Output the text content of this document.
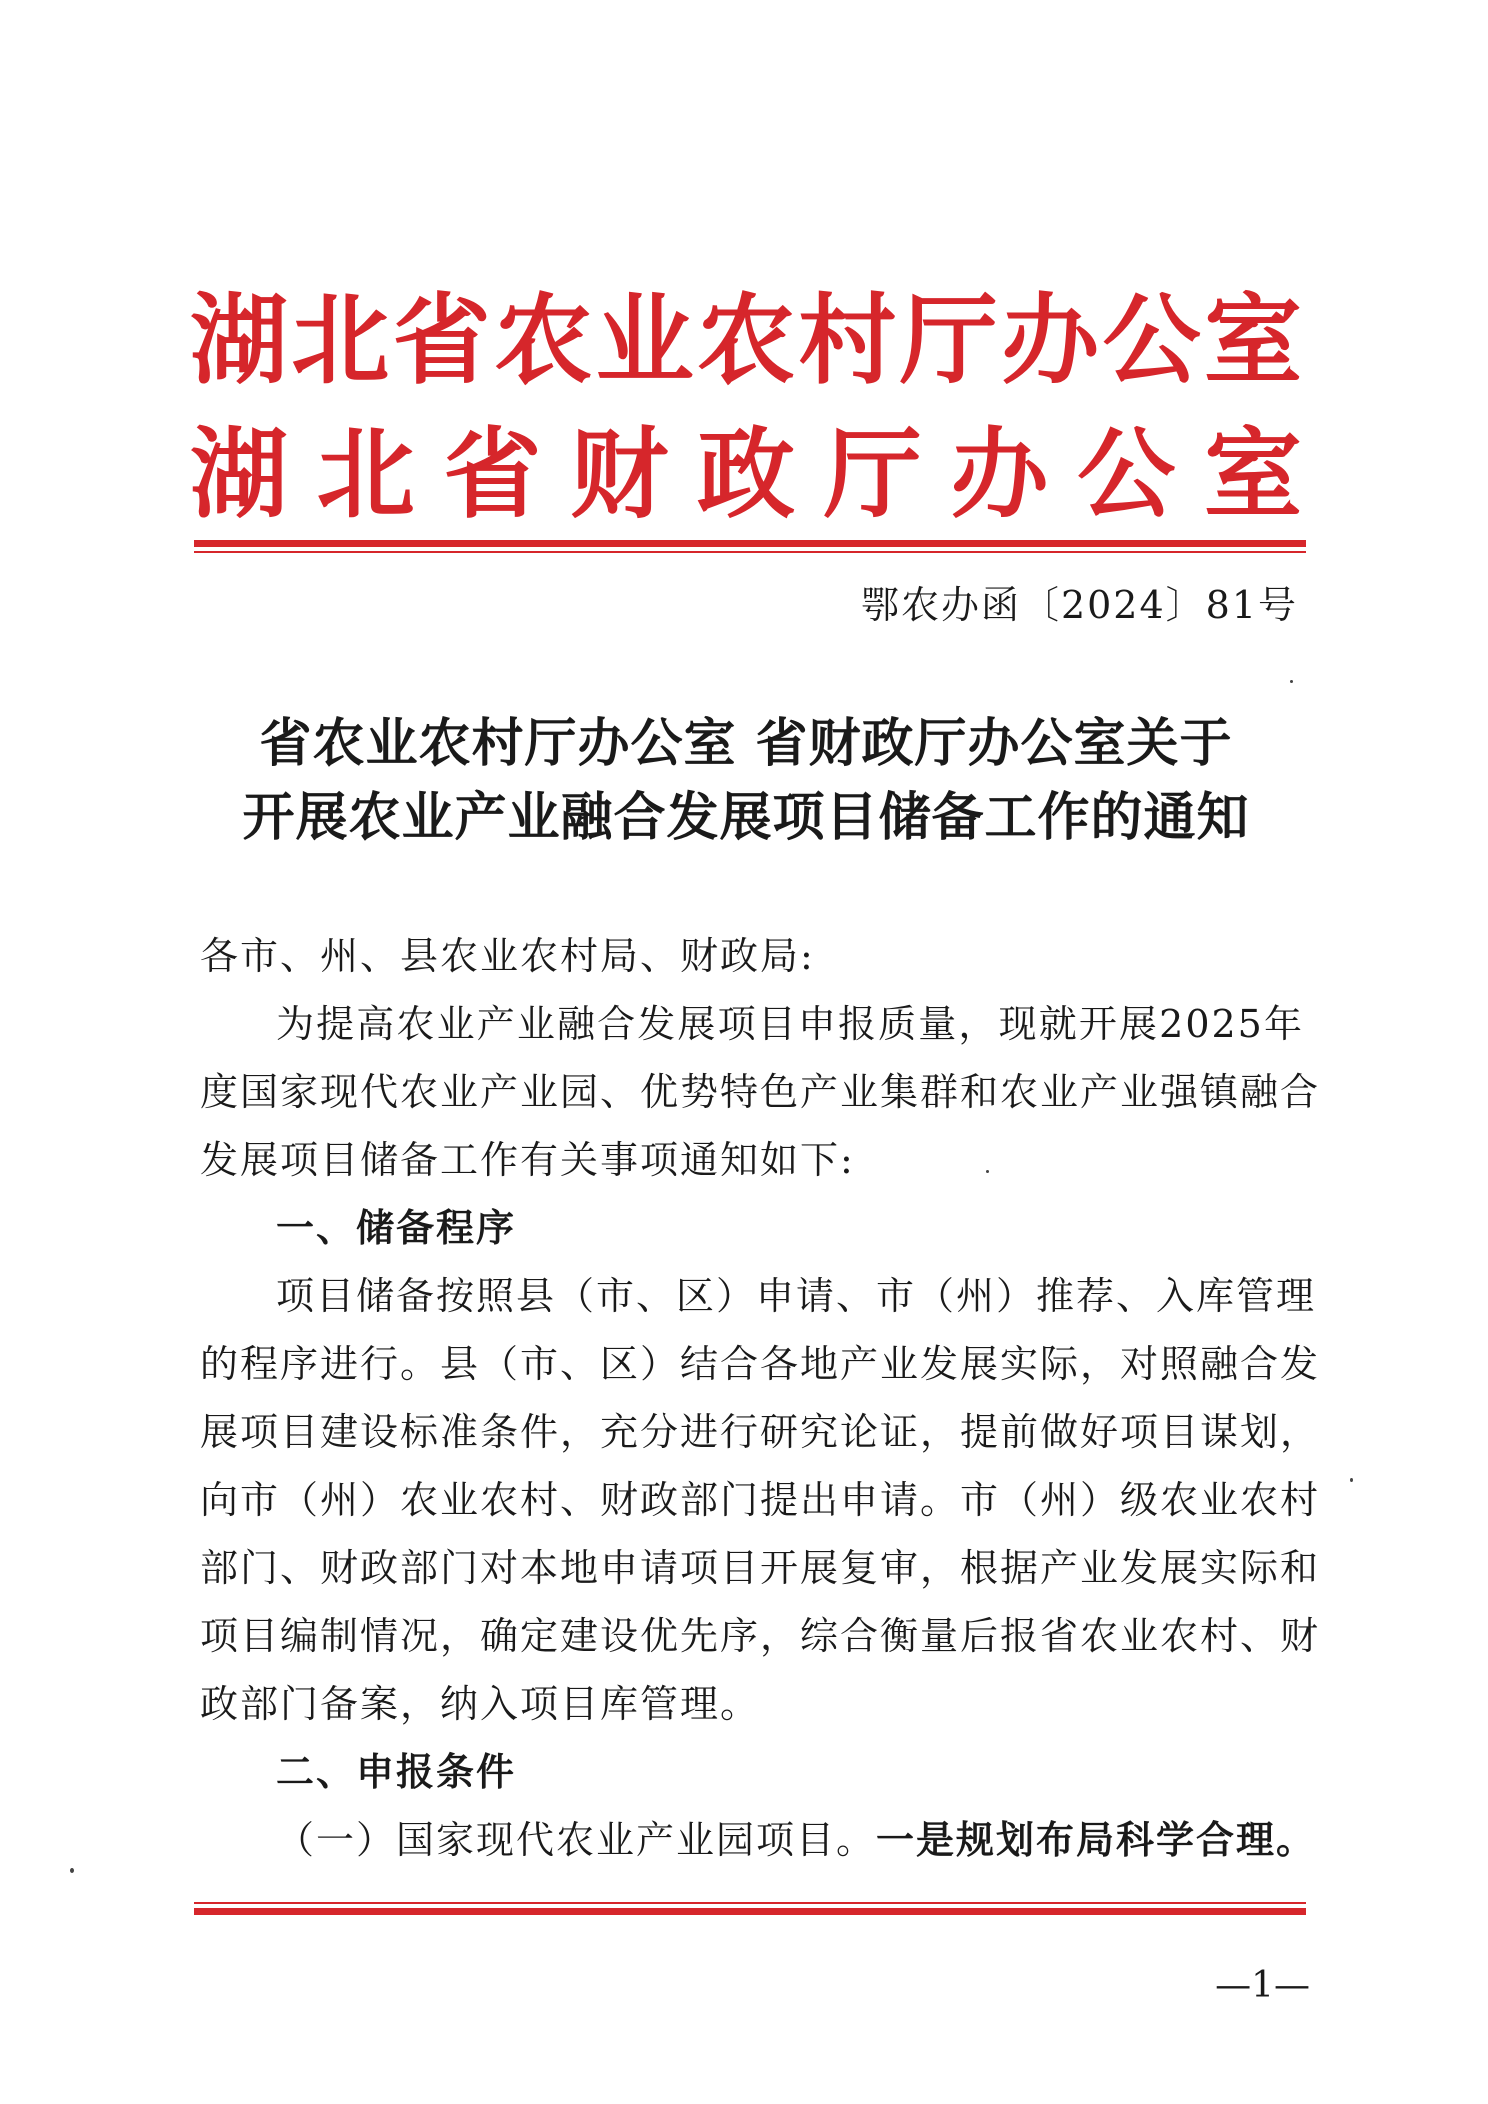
湖北省农业农村厅办公室
湖北省财政厅办公室
鄂农办函〔2024〕81号
省农业农村厅办公室 省财政厅办公室关于
开展农业产业融合发展项目储备工作的通知
各市、州、县农业农村局、财政局:
为提高农业产业融合发展项目申报质量，现就开展2025年
度国家现代农业产业园、优势特色产业集群和农业产业强镇融合
发展项目储备工作有关事项通知如下:
一、储备程序
项目储备按照县（市、区）申请、市（州）推荐、入库管理
的程序进行。县（市、区）结合各地产业发展实际，对照融合发
展项目建设标准条件，充分进行研究论证，提前做好项目谋划，
向市（州）农业农村、财政部门提出申请。市（州）级农业农村
部门、财政部门对本地申请项目开展复审，根据产业发展实际和
项目编制情况，确定建设优先序，综合衡量后报省农业农村、财
政部门备案，纳入项目库管理。
二、申报条件
（一）国家现代农业产业园项目。一是规划布局科学合理。
—1—
